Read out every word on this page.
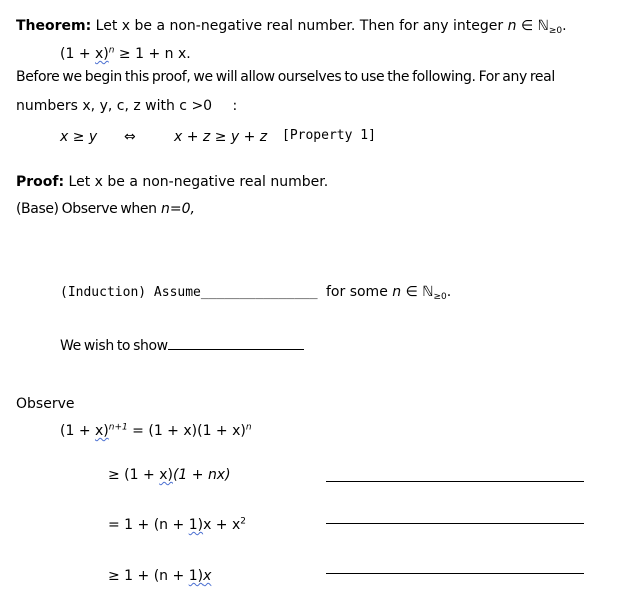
Theorem: Let x be a non-negative real number. Then for any integer n ∈ ℕ$_{\ge 0}$.
$(1 + x)^n \ge 1 + n$ x.
Before we begin this proof, we will allow ourselves to use the following. For any real
numbers x, y, c, z with c >0 :
x ≥ y ⇔	x + z ≥ y + z [Property 1]
Proof: Let x be a non-negative real number.
(Base) Observe when n=0,
(Induction) Assume_______________ for some n ∈ ℕ$_{\ge 0}$.
We wish to show
Observe
$(1 + x)^{n+1} = (1 + x)(1 + x)^n$
≥ (1 + x)(1 + nx)
= $1 + (n + 1)x + x^2$
≥ 1 + (n + 1)x
